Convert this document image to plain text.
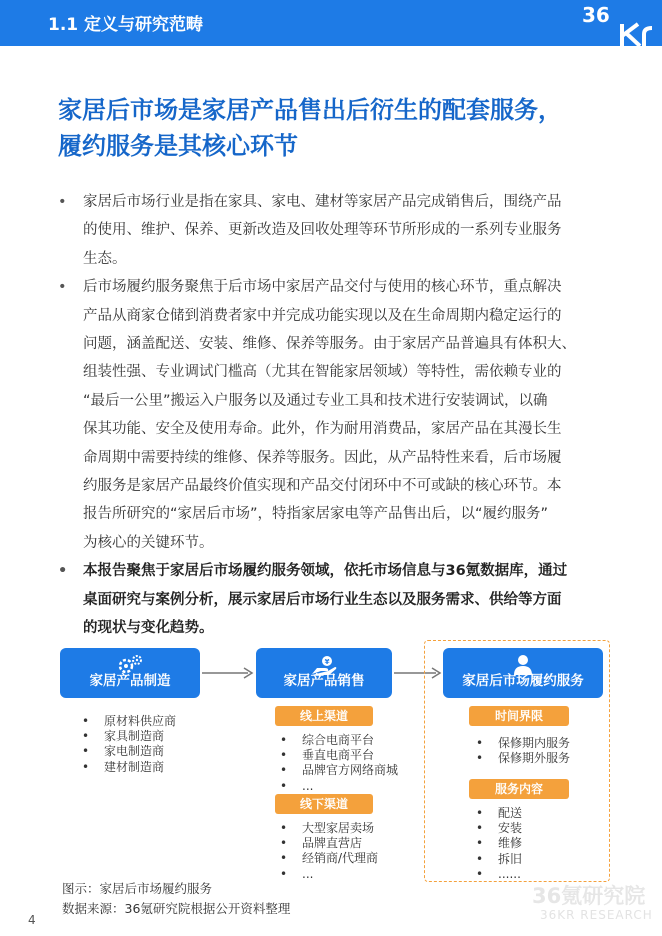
1.1 定义与研究范畴	36
家居后市场是家居产品售出后衍生的配套服务，
履约服务是其核心环节
• 家居后市场行业是指在家具、家电、建材等家居产品完成销售后，围绕产品
的使用、维护、保养、更新改造及回收处理等环节所形成的一系列专业服务
生态。
• 后市场履约服务聚焦于后市场中家居产品交付与使用的核心环节，重点解决
产品从商家仓储到消费者家中并完成功能实现以及在生命周期内稳定运行的
问题，涵盖配送、安装、维修、保养等服务。由于家居产品普遍具有体积大、
组装性强、专业调试门槛高（尤其在智能家居领域）等特性，需依赖专业的
“最后一公里”搬运入户服务以及通过专业工具和技术进行安装调试，以确
保其功能、安全及使用寿命。此外，作为耐用消费品，家居产品在其漫长生
命周期中需要持续的维修、保养等服务。因此，从产品特性来看，后市场履
约服务是家居产品最终价值实现和产品交付闭环中不可或缺的核心环节。本
报告所研究的“家居后市场”，特指家居家电等产品售出后，以“履约服务”
为核心的关键环节。
• 本报告聚焦于家居后市场履约服务领域，依托市场信息与36氪数据库，通过
桌面研究与案例分析，展示家居后市场行业生态以及服务需求、供给等方面
的现状与变化趋势。
家居产品制造
¥
家居产品销售	家居后市场履约服务
• 原材料供应商
• 家具制造商
• 家电制造商
• 建材制造商
线上渠道
• 综合电商平台
• 垂直电商平台
• 品牌官方网络商城
• ...
线下渠道
• 大型家居卖场
• 品牌直营店
• 经销商/代理商
• ...
时间界限
• 保修期内服务
• 保修期外服务
服务内容
• 配送
• 安装
• 维修
• 拆旧
• ......
图示：家居后市场履约服务
数据来源：36氪研究院根据公开资料整理
4
36氪研究院
36KR RESEARCH
